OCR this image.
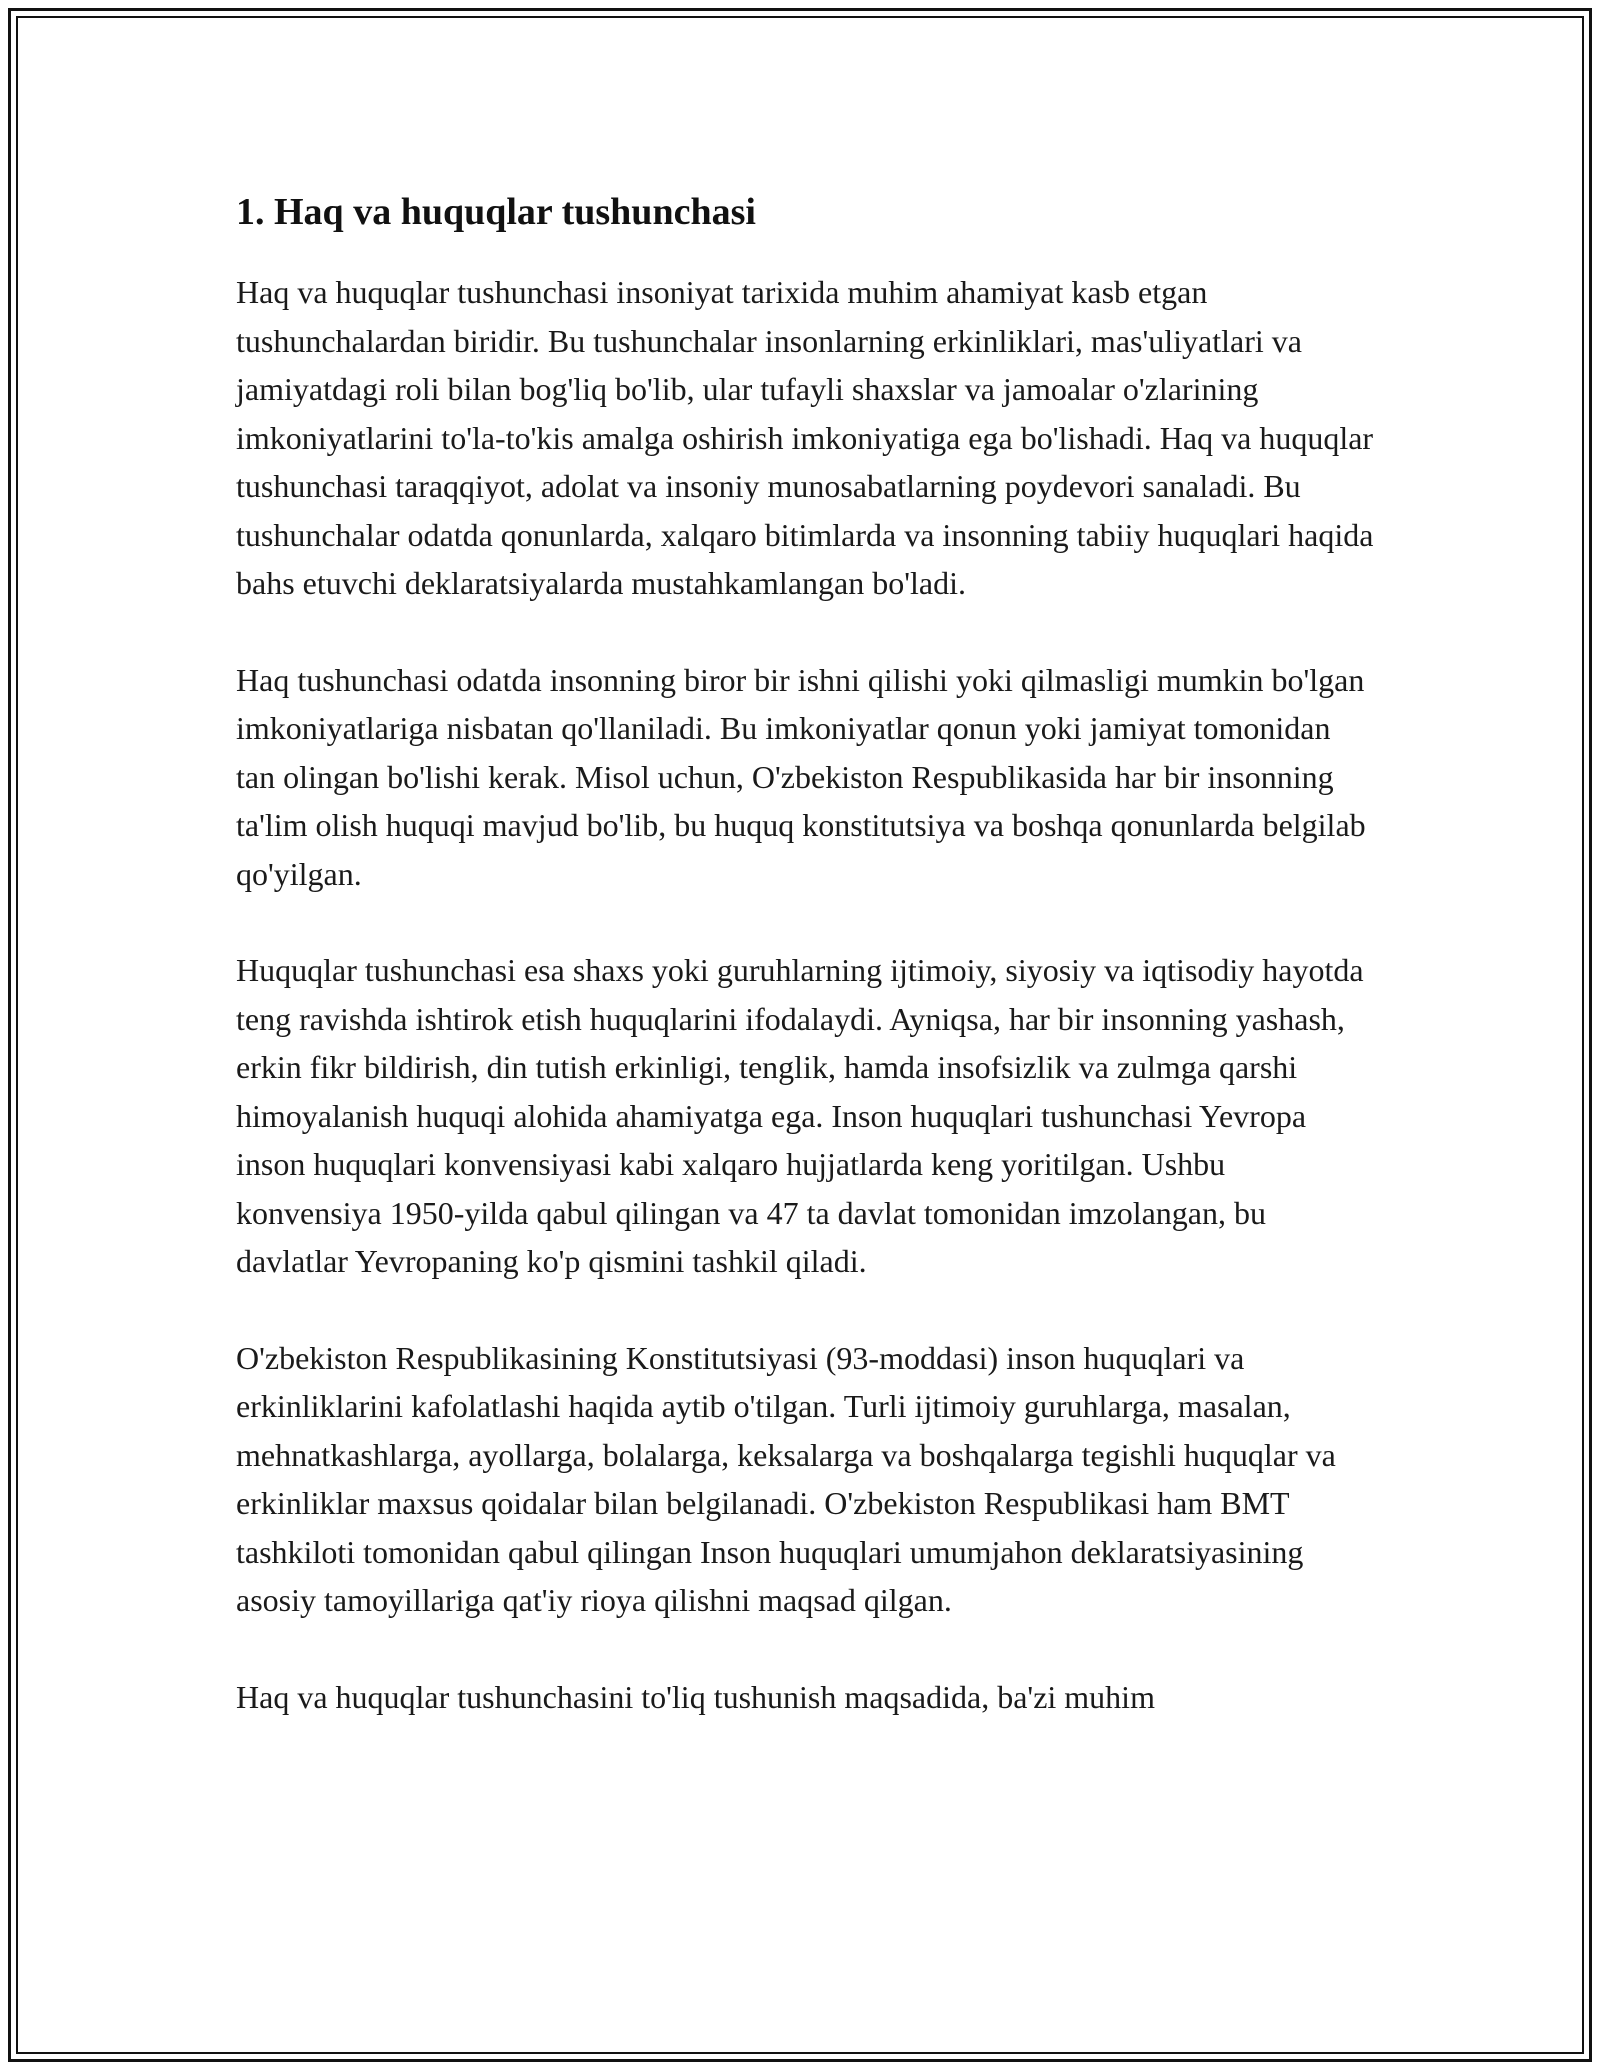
1. Haq va huquqlar tushunchasi

Haq va huquqlar tushunchasi insoniyat tarixida muhim ahamiyat kasb etgan tushunchalardan biridir. Bu tushunchalar insonlarning erkinliklari, mas'uliyatlari va jamiyatdagi roli bilan bog'liq bo'lib, ular tufayli shaxslar va jamoalar o'zlarining imkoniyatlarini to'la-to'kis amalga oshirish imkoniyatiga ega bo'lishadi. Haq va huquqlar tushunchasi taraqqiyot, adolat va insoniy munosabatlarning poydevori sanaladi. Bu tushunchalar odatda qonunlarda, xalqaro bitimlarda va insonning tabiiy huquqlari haqida bahs etuvchi deklaratsiyalarda mustahkamlangan bo'ladi.

Haq tushunchasi odatda insonning biror bir ishni qilishi yoki qilmasligi mumkin bo'lgan imkoniyatlariga nisbatan qo'llaniladi. Bu imkoniyatlar qonun yoki jamiyat tomonidan tan olingan bo'lishi kerak. Misol uchun, O'zbekiston Respublikasida har bir insonning ta'lim olish huquqi mavjud bo'lib, bu huquq konstitutsiya va boshqa qonunlarda belgilab qo'yilgan.

Huquqlar tushunchasi esa shaxs yoki guruhlarning ijtimoiy, siyosiy va iqtisodiy hayotda teng ravishda ishtirok etish huquqlarini ifodalaydi. Ayniqsa, har bir insonning yashash, erkin fikr bildirish, din tutish erkinligi, tenglik, hamda insofsizlik va zulmga qarshi himoyalanish huquqi alohida ahamiyatga ega. Inson huquqlari tushunchasi Yevropa inson huquqlari konvensiyasi kabi xalqaro hujjatlarda keng yoritilgan. Ushbu konvensiya 1950-yilda qabul qilingan va 47 ta davlat tomonidan imzolangan, bu davlatlar Yevropaning ko'p qismini tashkil qiladi.

O'zbekiston Respublikasining Konstitutsiyasi (93-moddasi) inson huquqlari va erkinliklarini kafolatlashi haqida aytib o'tilgan. Turli ijtimoiy guruhlarga, masalan, mehnatkashlarga, ayollarga, bolalarga, keksalarga va boshqalarga tegishli huquqlar va erkinliklar maxsus qoidalar bilan belgilanadi. O'zbekiston Respublikasi ham BMT tashkiloti tomonidan qabul qilingan Inson huquqlari umumjahon deklaratsiyasining asosiy tamoyillariga qat'iy rioya qilishni maqsad qilgan.

Haq va huquqlar tushunchasini to'liq tushunish maqsadida, ba'zi muhim
